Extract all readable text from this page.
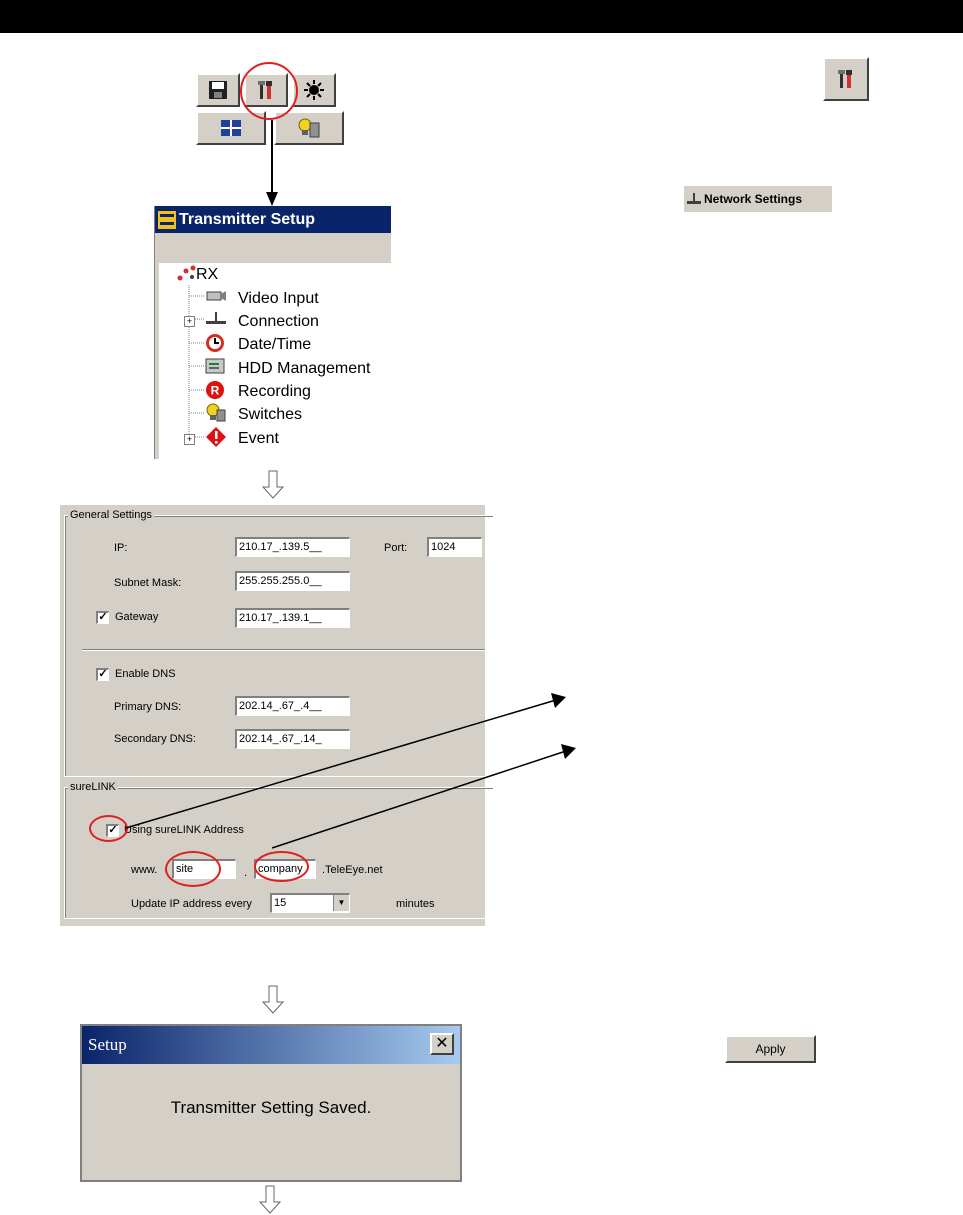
Network Settings
Transmitter Setup
+
+
R
RX
Video Input
Connection
Date/Time
HDD Management
Recording
Switches
Event
General Settings
IP:	210.17_.139.5__	Port:	1024
Subnet Mask:	255.255.255.0__
✓ Gateway	210.17_.139.1__
✓ Enable DNS
Primary DNS:	202.14_.67_.4__
Secondary DNS:	202.14_.67_.14_
sureLINK
✓ Using sureLINK Address
www.	site	. company	.TeleEye.net
Update IP address every	15	▼	minutes
Setup	✕
Transmitter Setting Saved.
Apply
